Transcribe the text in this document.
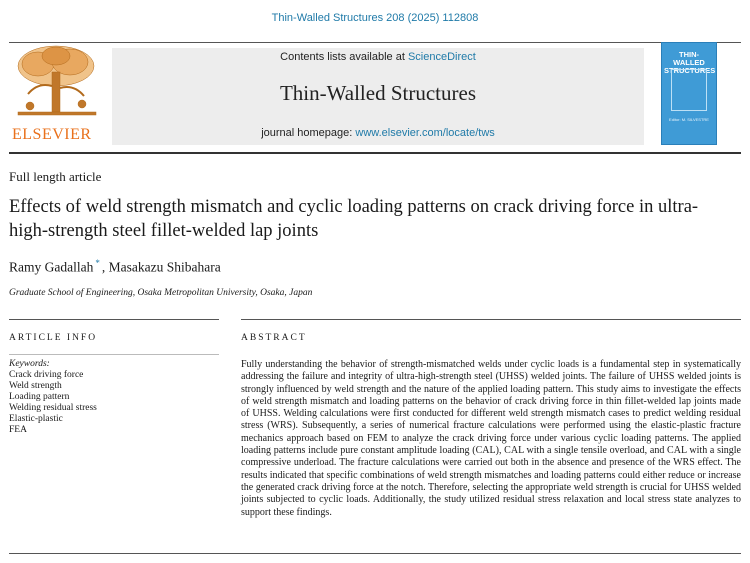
Thin-Walled Structures 208 (2025) 112808
ELSEVIER
Contents lists available at ScienceDirect
Thin-Walled Structures
journal homepage: www.elsevier.com/locate/tws
THIN-WALLED
STRUCTURES
Editor: M. SILVESTRE
Full length article
Effects of weld strength mismatch and cyclic loading patterns on crack driving force in ultra-high-strength steel fillet-welded lap joints
Ramy Gadallah * , Masakazu Shibahara
Graduate School of Engineering, Osaka Metropolitan University, Osaka, Japan
ARTICLE INFO	ABSTRACT
Keywords:
Crack driving force
Weld strength
Loading pattern
Welding residual stress
Elastic-plastic
FEA
Fully understanding the behavior of strength-mismatched welds under cyclic loads is a fundamental step in systematically addressing the failure and integrity of ultra-high-strength steel (UHSS) welded joints. The failure of UHSS welded joints is strongly influenced by weld strength and the nature of the applied loading pattern. This study aims to investigate the effects of weld strength mismatch and loading patterns on the behavior of crack driving force in thin fillet-welded lap joints made of UHSS. Welding calculations were first conducted for different weld strength mismatch cases to predict welding residual stress (WRS). Subsequently, a series of numerical fracture calculations were performed using the elastic-plastic fracture mechanics approach based on FEM to analyze the crack driving force under various cyclic loading patterns. The applied loading patterns include pure constant amplitude loading (CAL), CAL with a single tensile overload, and CAL with a single compressive underload. The fracture calculations were carried out both in the absence and presence of the WRS effect. The results indicated that specific combinations of weld strength mismatches and loading patterns could either reduce or increase the generated crack driving force at the notch. Therefore, selecting the appropriate weld strength is crucial for UHSS welded joints subjected to cyclic loads. Additionally, the study utilized residual stress relaxation and local stress state analyzes to support these findings.
